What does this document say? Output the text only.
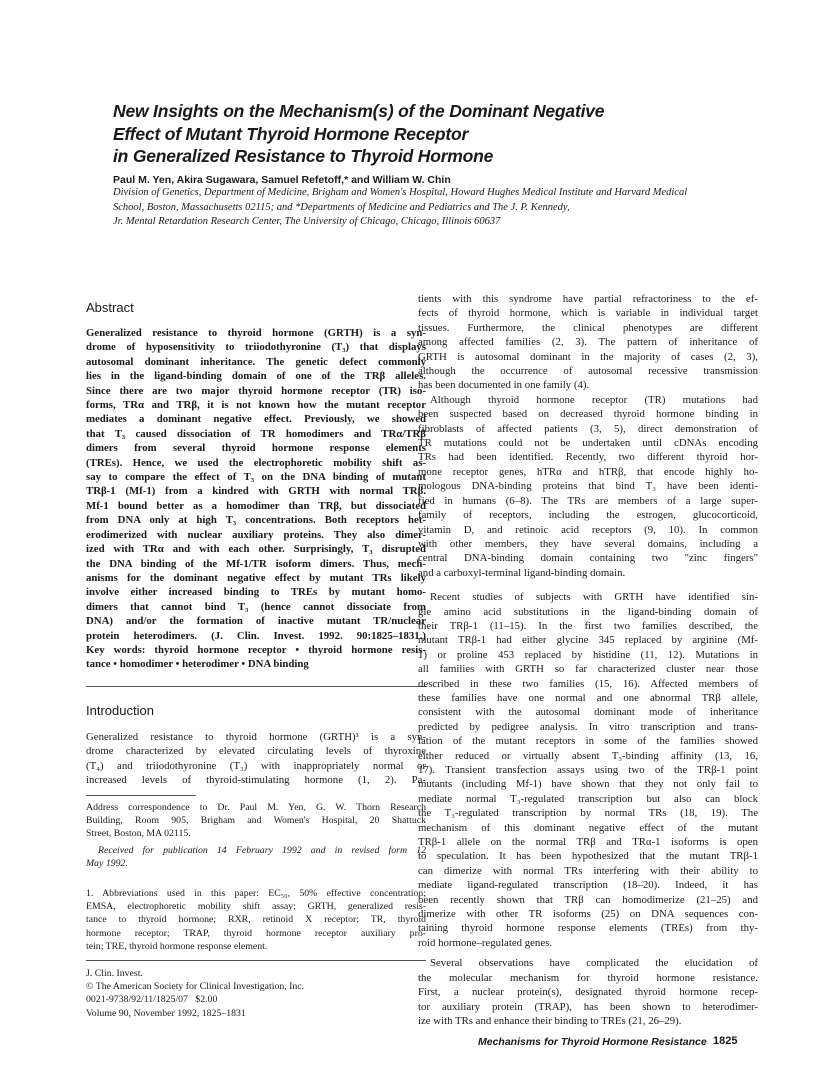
New Insights on the Mechanism(s) of the Dominant Negative
Effect of Mutant Thyroid Hormone Receptor
in Generalized Resistance to Thyroid Hormone
Paul M. Yen, Akira Sugawara, Samuel Refetoff,* and William W. Chin
Division of Genetics, Department of Medicine, Brigham and Women's Hospital, Howard Hughes Medical Institute and Harvard Medical
School, Boston, Massachusetts 02115; and *Departments of Medicine and Pediatrics and The J. P. Kennedy,
Jr. Mental Retardation Research Center, The University of Chicago, Chicago, Illinois 60637
Abstract
Generalized resistance to thyroid hormone (GRTH) is a syn-
drome of hyposensitivity to triiodothyronine (T₃) that displays
autosomal dominant inheritance. The genetic defect commonly
lies in the ligand-binding domain of one of the TRβ alleles.
Since there are two major thyroid hormone receptor (TR) iso-
forms, TRα and TRβ, it is not known how the mutant receptor
mediates a dominant negative effect. Previously, we showed
that T₃ caused dissociation of TR homodimers and TRα/TRβ
dimers from several thyroid hormone response elements
(TREs). Hence, we used the electrophoretic mobility shift as-
say to compare the effect of T₃ on the DNA binding of mutant
TRβ-1 (Mf-1) from a kindred with GRTH with normal TRβ.
Mf-1 bound better as a homodimer than TRβ, but dissociated
from DNA only at high T₃ concentrations. Both receptors het-
erodimerized with nuclear auxiliary proteins. They also dimer-
ized with TRα and with each other. Surprisingly, T₃ disrupted
the DNA binding of the Mf-1/TR isoform dimers. Thus, mech-
anisms for the dominant negative effect by mutant TRs likely
involve either increased binding to TREs by mutant homo-
dimers that cannot bind T₃ (hence cannot dissociate from
DNA) and/or the formation of inactive mutant TR/nuclear
protein heterodimers. (J. Clin. Invest. 1992. 90:1825–1831.)
Key words: thyroid hormone receptor • thyroid hormone resis-
tance • homodimer • heterodimer • DNA binding
Introduction
Generalized resistance to thyroid hormone (GRTH)¹ is a syn-
drome characterized by elevated circulating levels of thyroxine
(T₄) and triiodothyronine (T₃) with inappropriately normal or
increased levels of thyroid-stimulating hormone (1, 2). Pa-
Address correspondence to Dr. Paul M. Yen, G. W. Thorn Research
Building, Room 905, Brigham and Women's Hospital, 20 Shattuck
Street, Boston, MA 02115.
Received for publication 14 February 1992 and in revised form 12
May 1992.
1. Abbreviations used in this paper: EC₅₀, 50% effective concentration;
EMSA, electrophoretic mobility shift assay; GRTH, generalized resis-
tance to thyroid hormone; RXR, retinoid X receptor; TR, thyroid
hormone receptor; TRAP, thyroid hormone receptor auxiliary pro-
tein; TRE, thyroid hormone response element.
J. Clin. Invest.
© The American Society for Clinical Investigation, Inc.
0021-9738/92/11/1825/07   $2.00
Volume 90, November 1992, 1825–1831
tients with this syndrome have partial refractoriness to the ef-
fects of thyroid hormone, which is variable in individual target
tissues. Furthermore, the clinical phenotypes are different
among affected families (2, 3). The pattern of inheritance of
GRTH is autosomal dominant in the majority of cases (2, 3),
although the occurrence of autosomal recessive transmission
has been documented in one family (4).
Although thyroid hormone receptor (TR) mutations had
been suspected based on decreased thyroid hormone binding in
fibroblasts of affected patients (3, 5), direct demonstration of
TR mutations could not be undertaken until cDNAs encoding
TRs had been identified. Recently, two different thyroid hor-
mone receptor genes, hTRα and hTRβ, that encode highly ho-
mologous DNA-binding proteins that bind T₃ have been identi-
fied in humans (6–8). The TRs are members of a large super-
family of receptors, including the estrogen, glucocorticoid,
vitamin D, and retinoic acid receptors (9, 10). In common
with other members, they have several domains, including a
central DNA-binding domain containing two "zinc fingers"
and a carboxyl-terminal ligand-binding domain.
Recent studies of subjects with GRTH have identified sin-
gle amino acid substitutions in the ligand-binding domain of
their TRβ-1 (11–15). In the first two families described, the
mutant TRβ-1 had either glycine 345 replaced by arginine (Mf-
1) or proline 453 replaced by histidine (11, 12). Mutations in
all families with GRTH so far characterized cluster near those
described in these two families (15, 16). Affected members of
these families have one normal and one abnormal TRβ allele,
consistent with the autosomal dominant mode of inheritance
predicted by pedigree analysis. In vitro transcription and trans-
lation of the mutant receptors in some of the families showed
either reduced or virtually absent T₃-binding affinity (13, 16,
17). Transient transfection assays using two of the TRβ-1 point
mutants (including Mf-1) have shown that they not only fail to
mediate normal T₃-regulated transcription but also can block
the T₃-regulated transcription by normal TRs (18, 19). The
mechanism of this dominant negative effect of the mutant
TRβ-1 allele on the normal TRβ and TRα-1 isoforms is open
to speculation. It has been hypothesized that the mutant TRβ-1
can dimerize with normal TRs interfering with their ability to
mediate ligand-regulated transcription (18–20). Indeed, it has
been recently shown that TRβ can homodimerize (21–25) and
dimerize with other TR isoforms (25) on DNA sequences con-
taining thyroid hormone response elements (TREs) from thy-
roid hormone–regulated genes.
Several observations have complicated the elucidation of
the molecular mechanism for thyroid hormone resistance.
First, a nuclear protein(s), designated thyroid hormone recep-
tor auxiliary protein (TRAP), has been shown to heterodimer-
ize with TRs and enhance their binding to TREs (21, 26–29).
Mechanisms for Thyroid Hormone Resistance 1825
